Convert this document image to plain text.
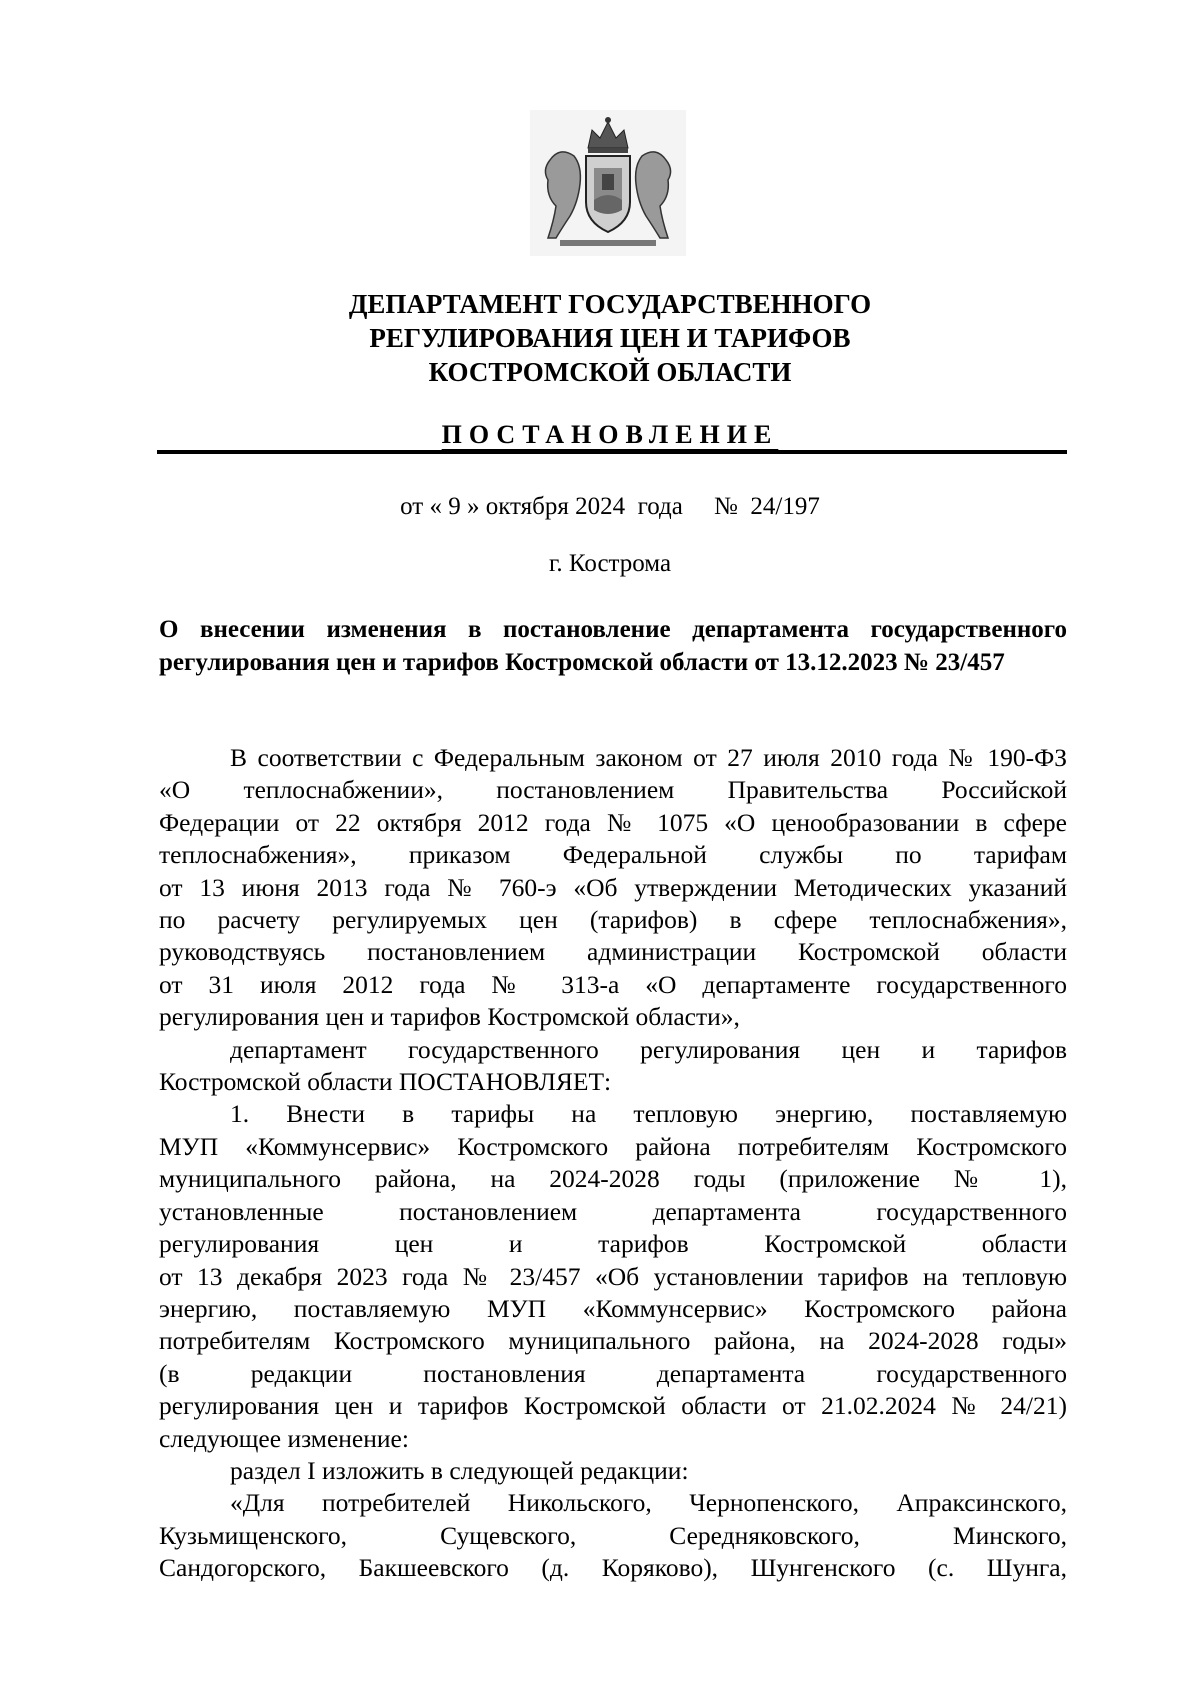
ДЕПАРТАМЕНТ ГОСУДАРСТВЕННОГО
РЕГУЛИРОВАНИЯ ЦЕН И ТАРИФОВ
КОСТРОМСКОЙ ОБЛАСТИ
ПОСТАНОВЛЕНИЕ
от « 9 » октября 2024  года     №  24/197
г. Кострома
О внесении изменения в постановление департамента государственного регулирования цен и тарифов Костромской области от 13.12.2023 № 23/457
В соответствии с Федеральным законом от 27 июля 2010 года № 190-ФЗ
«О теплоснабжении», постановлением Правительства Российской
Федерации от 22 октября 2012 года № 1075 «О ценообразовании в сфере
теплоснабжения», приказом Федеральной службы по тарифам
от 13 июня 2013 года № 760-э «Об утверждении Методических указаний
по расчету регулируемых цен (тарифов) в сфере теплоснабжения»,
руководствуясь постановлением администрации Костромской области
от 31 июля 2012 года № 313-а «О департаменте государственного
регулирования цен и тарифов Костромской области»,
департамент государственного регулирования цен и тарифов
Костромской области ПОСТАНОВЛЯЕТ:
1. Внести в тарифы на тепловую энергию, поставляемую
МУП «Коммунсервис» Костромского района потребителям Костромского
муниципального района, на 2024-2028 годы (приложение № 1),
установленные постановлением департамента государственного
регулирования цен и тарифов Костромской области
от 13 декабря 2023 года № 23/457 «Об установлении тарифов на тепловую
энергию, поставляемую МУП «Коммунсервис» Костромского района
потребителям Костромского муниципального района, на 2024-2028 годы»
(в редакции постановления департамента государственного
регулирования цен и тарифов Костромской области от 21.02.2024 № 24/21)
следующее изменение:
раздел I изложить в следующей редакции:
«Для потребителей Никольского, Чернопенского, Апраксинского,
Кузьмищенского, Сущевского, Середняковского, Минского,
Сандогорского, Бакшеевского (д. Коряково), Шунгенского (с. Шунга,
